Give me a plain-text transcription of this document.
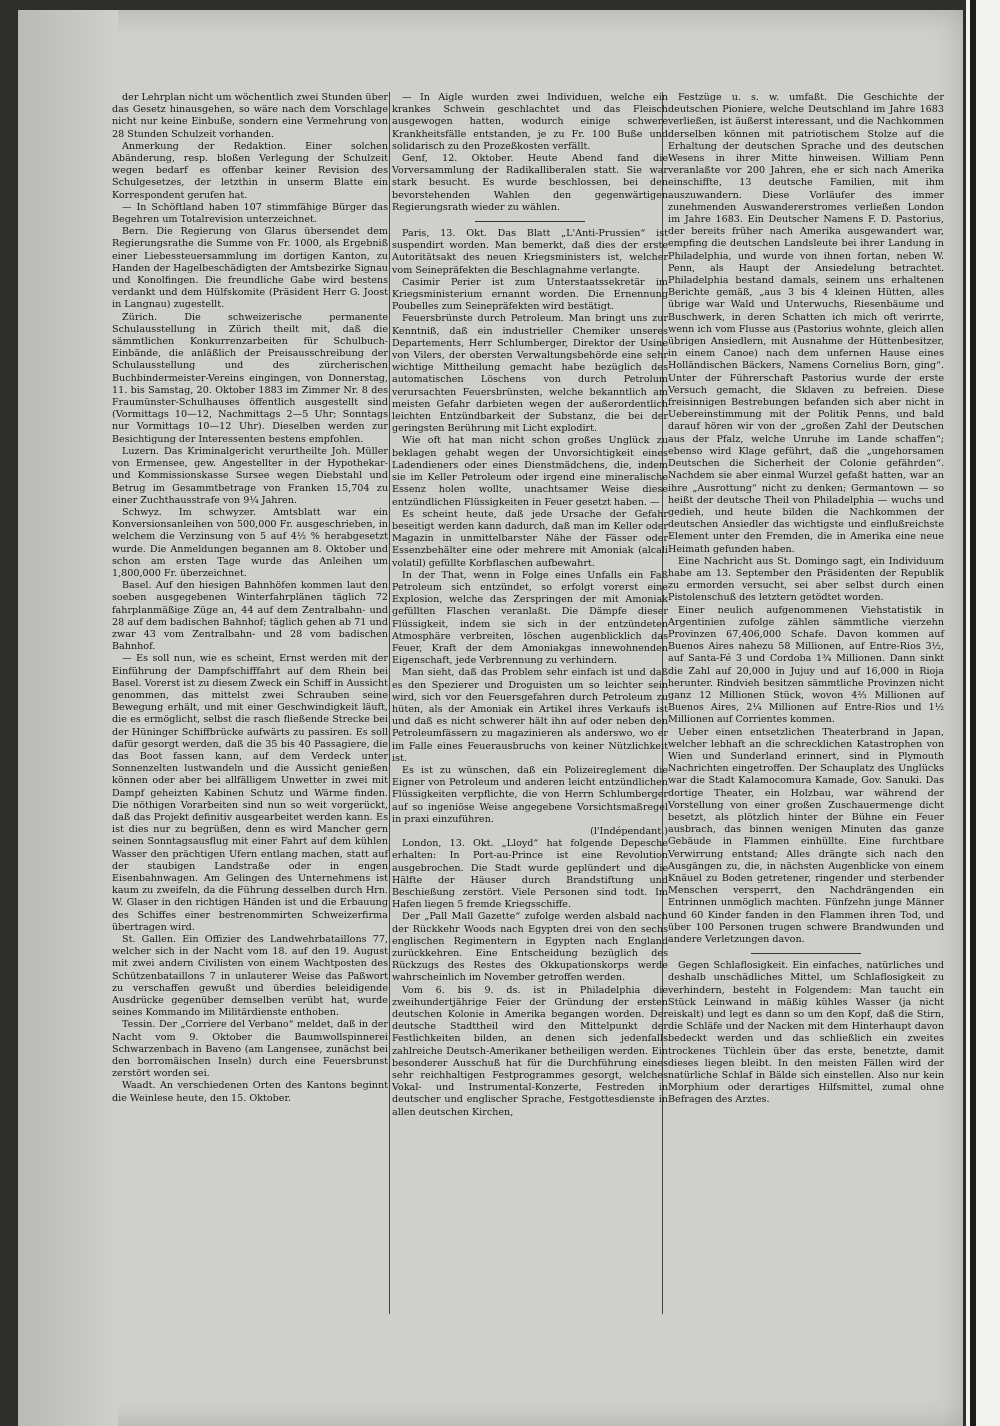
der Lehrplan nicht um wöchentlich zwei Stunden über das Gesetz hinausgehen, so wäre nach dem Vorschlage nicht nur keine Einbuße, sondern eine Vermehrung von 28 Stunden Schulzeit vorhanden.

Anmerkung der Redaktion. Einer solchen Abänderung, resp. bloßen Verlegung der Schulzeit wegen bedarf es offenbar keiner Revision des Schulgesetzes, der letzthin in unserm Blatte ein Korrespondent gerufen hat.

— In Schöftland haben 107 stimmfähige Bürger das Begehren um Totalrevision unterzeichnet.

Bern. Die Regierung von Glarus übersendet dem Regierungsrathe die Summe von Fr. 1000, als Ergebniß einer Liebessteuersammlung im dortigen Kanton, zu Handen der Hagelbeschädigten der Amtsbezirke Signau und Konolfingen. Die freundliche Gabe wird bestens verdankt und dem Hülfskomite (Präsident Herr G. Joost in Langnau) zugestellt.

Zürich. Die schweizerische permanente Schulausstellung in Zürich theilt mit, daß die sämmtlichen Konkurrenzarbeiten für Schulbuch-Einbände, die anläßlich der Preisausschreibung der Schulausstellung und des zürcherischen Buchbindermeister-Vereins eingingen, von Donnerstag, 11. bis Samstag, 20. Oktober 1883 im Zimmer Nr. 8 des Fraumünster-Schulhauses öffentlich ausgestellt sind (Vormittags 10—12, Nachmittags 2—5 Uhr; Sonntags nur Vormittags 10—12 Uhr). Dieselben werden zur Besichtigung der Interessenten bestens empfohlen.

Luzern. Das Kriminalgericht verurtheilte Joh. Müller von Ermensee, gew. Angestellter in der Hypothekar- und Kommissionskasse Sursee wegen Diebstahl und Betrug im Gesammtbetrage von Franken 15,704 zu einer Zuchthausstrafe von 9¼ Jahren.

Schwyz. Im schwyzer. Amtsblatt war ein Konversionsanleihen von 500,000 Fr. ausgeschrieben, in welchem die Verzinsung von 5 auf 4½ % herabgesetzt wurde. Die Anmeldungen begannen am 8. Oktober und schon am ersten Tage wurde das Anleihen um 1,800,000 Fr. überzeichnet.

Basel. Auf den hiesigen Bahnhöfen kommen laut den soeben ausgegebenen Winterfahrplänen täglich 72 fahrplanmäßige Züge an, 44 auf dem Zentralbahn- und 28 auf dem badischen Bahnhof; täglich gehen ab 71 und zwar 43 vom Zentralbahn- und 28 vom badischen Bahnhof.

— Es soll nun, wie es scheint, Ernst werden mit der Einführung der Dampfschifffahrt auf dem Rhein bei Basel. Vorerst ist zu diesem Zweck ein Schiff in Aussicht genommen, das mittelst zwei Schrauben seine Bewegung erhält, und mit einer Geschwindigkeit läuft, die es ermöglicht, selbst die rasch fließende Strecke bei der Hüninger Schiffbrücke aufwärts zu passiren. Es soll dafür gesorgt werden, daß die 35 bis 40 Passagiere, die das Boot fassen kann, auf dem Verdeck unter Sonnenzelten lustwandeln und die Aussicht genießen können oder aber bei allfälligem Unwetter in zwei mit Dampf geheizten Kabinen Schutz und Wärme finden. Die nöthigen Vorarbeiten sind nun so weit vorgerückt, daß das Projekt definitiv ausgearbeitet werden kann. Es ist dies nur zu begrüßen, denn es wird Mancher gern seinen Sonntagsausflug mit einer Fahrt auf dem kühlen Wasser den prächtigen Ufern entlang machen, statt auf der staubigen Landstraße oder in engen Eisenbahnwagen. Am Gelingen des Unternehmens ist kaum zu zweifeln, da die Führung desselben durch Hrn. W. Glaser in den richtigen Händen ist und die Erbauung des Schiffes einer bestrenommirten Schweizerfirma übertragen wird.

St. Gallen. Ein Offizier des Landwehrbataillons 77, welcher sich in der Nacht vom 18. auf den 19. August mit zwei andern Civilisten von einem Wachtposten des Schützenbataillons 7 in unlauterer Weise das Paßwort zu verschaffen gewußt und überdies beleidigende Ausdrücke gegenüber demselben verübt hat, wurde seines Kommando im Militärdienste enthoben.

Tessin. Der „Corriere del Verbano“ meldet, daß in der Nacht vom 9. Oktober die Baumwollspinnerei Schwarzenbach in Baveno (am Langensee, zunächst bei den borromäischen Inseln) durch eine Feuersbrunst zerstört worden sei.

Waadt. An verschiedenen Orten des Kantons beginnt die Weinlese heute, den 15. Oktober.

— In Aigle wurden zwei Individuen, welche ein krankes Schwein geschlachtet und das Fleisch ausgewogen hatten, wodurch einige schwere Krankheitsfälle entstanden, je zu Fr. 100 Buße und solidarisch zu den Prozeßkosten verfällt.

Genf, 12. Oktober. Heute Abend fand die Vorversammlung der Radikalliberalen statt. Sie war stark besucht. Es wurde beschlossen, bei den bevorstehenden Wahlen den gegenwärtigen Regierungsrath wieder zu wählen.

Paris, 13. Okt. Das Blatt „L'Anti-Prussien“ ist suspendirt worden. Man bemerkt, daß dies der erste Autoritätsakt des neuen Kriegsministers ist, welcher vom Seinepräfekten die Beschlagnahme verlangte.

Casimir Perier ist zum Unterstaatssekretär im Kriegsministerium ernannt worden. Die Ernennung Poubelles zum Seinepräfekten wird bestätigt.

Feuersbrünste durch Petroleum. Man bringt uns zur Kenntniß, daß ein industrieller Chemiker unseres Departements, Herr Schlumberger, Direktor der Usine von Vilers, der obersten Verwaltungsbehörde eine sehr wichtige Mittheilung gemacht habe bezüglich des automatischen Löschens von durch Petrolum verursachten Feuersbrünsten, welche bekanntlich am meisten Gefahr darbieten wegen der außerordentlich leichten Entzündbarkeit der Substanz, die bei der geringsten Berührung mit Licht explodirt.

Wie oft hat man nicht schon großes Unglück zu beklagen gehabt wegen der Unvorsichtigkeit eines Ladendieners oder eines Dienstmädchens, die, indem sie im Keller Petroleum oder irgend eine mineralische Essenz holen wollte, unachtsamer Weise diese entzündlichen Flüssigkeiten in Feuer gesetzt haben. —

Es scheint heute, daß jede Ursache der Gefahr beseitigt werden kann dadurch, daß man im Keller oder Magazin in unmittelbarster Nähe der Fässer oder Essenzbehälter eine oder mehrere mit Amoniak (alcali volatil) gefüllte Korbflaschen aufbewahrt.

In der That, wenn in Folge eines Unfalls ein Faß Petroleum sich entzündet, so erfolgt vorerst eine Explosion, welche das Zerspringen der mit Amoniak gefüllten Flaschen veranlaßt. Die Dämpfe dieser Flüssigkeit, indem sie sich in der entzündeten Atmosphäre verbreiten, löschen augenblicklich das Feuer, Kraft der dem Amoniakgas innewohnenden Eigenschaft, jede Verbrennung zu verhindern.

Man sieht, daß das Problem sehr einfach ist und daß es den Spezierer und Droguisten um so leichter sein wird, sich vor den Feuersgefahren durch Petroleum zu hüten, als der Amoniak ein Artikel ihres Verkaufs ist und daß es nicht schwerer hält ihn auf oder neben den Petroleumfässern zu magazinieren als anderswo, wo er im Falle eines Feuerausbruchs von keiner Nützlichkeit ist.

Es ist zu wünschen, daß ein Polizeireglement die Eigner von Petroleum und anderen leicht entzündlichen Flüssigkeiten verpflichte, die von Herrn Schlumberger auf so ingeniöse Weise angegebene Vorsichtsmaßregel in praxi einzuführen.

(l'Indépendant.)

London, 13. Okt. „Lloyd“ hat folgende Depesche erhalten: In Port-au-Prince ist eine Revolution ausgebrochen. Die Stadt wurde geplündert und die Hälfte der Häuser durch Brandstiftung und Beschießung zerstört. Viele Personen sind todt. Im Hafen liegen 5 fremde Kriegsschiffe.

Der „Pall Mall Gazette“ zufolge werden alsbald nach der Rückkehr Woods nach Egypten drei von den sechs englischen Regimentern in Egypten nach England zurückkehren. Eine Entscheidung bezüglich des Rückzugs des Restes des Okkupationskorps werde wahrscheinlich im November getroffen werden.

Vom 6. bis 9. ds. ist in Philadelphia die zweihundertjährige Feier der Gründung der ersten deutschen Kolonie in Amerika begangen worden. Der deutsche Stadttheil wird den Mittelpunkt der Festlichkeiten bilden, an denen sich jedenfalls zahlreiche Deutsch-Amerikaner betheiligen werden. Ein besonderer Ausschuß hat für die Durchführung eines sehr reichhaltigen Festprogrammes gesorgt, welches Vokal- und Instrumental-Konzerte, Festreden in deutscher und englischer Sprache, Festgottesdienste in allen deutschen Kirchen,

Festzüge u. s. w. umfaßt. Die Geschichte der deutschen Pioniere, welche Deutschland im Jahre 1683 verließen, ist äußerst interessant, und die Nachkommen derselben können mit patriotischem Stolze auf die Erhaltung der deutschen Sprache und des deutschen Wesens in ihrer Mitte hinweisen. William Penn veranlaßte vor 200 Jahren, ehe er sich nach Amerika einschiffte, 13 deutsche Familien, mit ihm auszuwandern. Diese Vorläufer des immer zunehmenden Auswandererstromes verließen London im Jahre 1683. Ein Deutscher Namens F. D. Pastorius, der bereits früher nach Amerika ausgewandert war, empfing die deutschen Landsleute bei ihrer Landung in Philadelphia, und wurde von ihnen fortan, neben W. Penn, als Haupt der Ansiedelung betrachtet. Philadelphia bestand damals, seinem uns erhaltenen Berichte gemäß, „aus 3 bis 4 kleinen Hütten, alles übrige war Wald und Unterwuchs, Riesenbäume und Buschwerk, in deren Schatten ich mich oft verirrte, wenn ich vom Flusse aus (Pastorius wohnte, gleich allen übrigen Ansiedlern, mit Ausnahme der Hüttenbesitzer, in einem Canoe) nach dem unfernen Hause eines Holländischen Bäckers, Namens Cornelius Born, ging“. Unter der Führerschaft Pastorius wurde der erste Versuch gemacht, die Sklaven zu befreien. Diese freisinnigen Bestrebungen befanden sich aber nicht in Uebereinstimmung mit der Politik Penns, und bald darauf hören wir von der „großen Zahl der Deutschen aus der Pfalz, welche Unruhe im Lande schaffen“; ebenso wird Klage geführt, daß die „ungehorsamen Deutschen die Sicherheit der Colonie gefährden“. Nachdem sie aber einmal Wurzel gefaßt hatten, war an ihre „Ausrottung“ nicht zu denken; Germantown — so heißt der deutsche Theil von Philadelphia — wuchs und gedieh, und heute bilden die Nachkommen der deutschen Ansiedler das wichtigste und einflußreichste Element unter den Fremden, die in Amerika eine neue Heimath gefunden haben.

Eine Nachricht aus St. Domingo sagt, ein Individuum habe am 13. September den Präsidenten der Republik zu ermorden versucht, sei aber selbst durch einen Pistolenschuß des letztern getödtet worden.

Einer neulich aufgenommenen Viehstatistik in Argentinien zufolge zählen sämmtliche vierzehn Provinzen 67,406,000 Schafe. Davon kommen auf Buenos Aires nahezu 58 Millionen, auf Entre-Rios 3½, auf Santa-Fé 3 und Cordoba 1¾ Millionen. Dann sinkt die Zahl auf 20,000 in Jujuy und auf 16,000 in Rioja herunter. Rindvieh besitzen sämmtliche Provinzen nicht ganz 12 Millionen Stück, wovon 4⅔ Millionen auf Buenos Aires, 2¼ Millionen auf Entre-Rios und 1½ Millionen auf Corrientes kommen.

Ueber einen entsetzlichen Theaterbrand in Japan, welcher lebhaft an die schrecklichen Katastrophen von Wien und Sunderland erinnert, sind in Plymouth Nachrichten eingetroffen. Der Schauplatz des Unglücks war die Stadt Kalamocomura Kamade, Gov. Sanuki. Das dortige Theater, ein Holzbau, war während der Vorstellung von einer großen Zuschauermenge dicht besetzt, als plötzlich hinter der Bühne ein Feuer ausbrach, das binnen wenigen Minuten das ganze Gebäude in Flammen einhüllte. Eine furchtbare Verwirrung entstand; Alles drängte sich nach den Ausgängen zu, die, in nächsten Augenblicke von einem Knäuel zu Boden getretener, ringender und sterbender Menschen versperrt, den Nachdrängenden ein Entrinnen unmöglich machten. Fünfzehn junge Männer und 60 Kinder fanden in den Flammen ihren Tod, und über 100 Personen trugen schwere Brandwunden und andere Verletzungen davon.

Gegen Schlaflosigkeit. Ein einfaches, natürliches und deshalb unschädliches Mittel, um Schlaflosigkeit zu verhindern, besteht in Folgendem: Man taucht ein Stück Leinwand in mäßig kühles Wasser (ja nicht eiskalt) und legt es dann so um den Kopf, daß die Stirn, die Schläfe und der Nacken mit dem Hinterhaupt davon bedeckt werden und das schließlich ein zweites trockenes Tüchlein über das erste, benetzte, damit dieses liegen bleibt. In den meisten Fällen wird der natürliche Schlaf in Bälde sich einstellen. Also nur kein Morphium oder derartiges Hilfsmittel, zumal ohne Befragen des Arztes.
